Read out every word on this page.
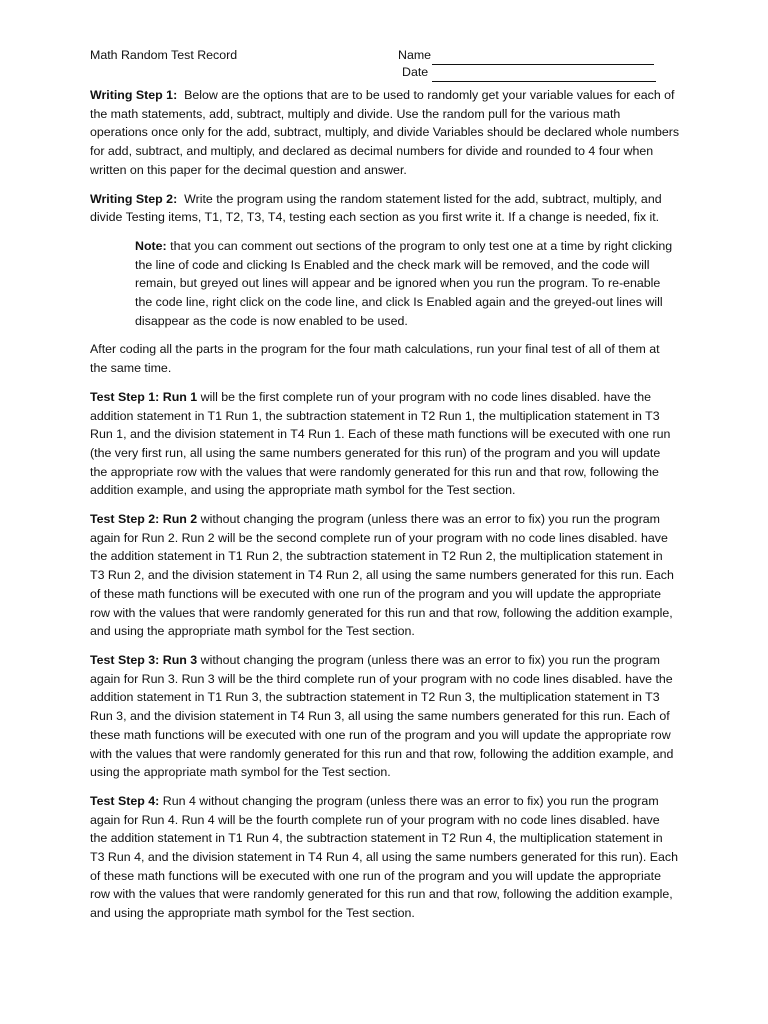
Math Random Test Record	Name
Date

Writing Step 1: Below are the options that are to be used to randomly get your variable values for each of the math statements, add, subtract, multiply and divide. Use the random pull for the various math operations once only for the add, subtract, multiply, and divide Variables should be declared whole numbers for add, subtract, and multiply, and declared as decimal numbers for divide and rounded to 4 four when written on this paper for the decimal question and answer.

Writing Step 2: Write the program using the random statement listed for the add, subtract, multiply, and divide Testing items, T1, T2, T3, T4, testing each section as you first write it. If a change is needed, fix it.

Note: that you can comment out sections of the program to only test one at a time by right clicking the line of code and clicking Is Enabled and the check mark will be removed, and the code will remain, but greyed out lines will appear and be ignored when you run the program. To re-enable the code line, right click on the code line, and click Is Enabled again and the greyed-out lines will disappear as the code is now enabled to be used.

After coding all the parts in the program for the four math calculations, run your final test of all of them at the same time.

Test Step 1: Run 1 will be the first complete run of your program with no code lines disabled. have the addition statement in T1 Run 1, the subtraction statement in T2 Run 1, the multiplication statement in T3 Run 1, and the division statement in T4 Run 1. Each of these math functions will be executed with one run (the very first run, all using the same numbers generated for this run) of the program and you will update the appropriate row with the values that were randomly generated for this run and that row, following the addition example, and using the appropriate math symbol for the Test section.

Test Step 2: Run 2 without changing the program (unless there was an error to fix) you run the program again for Run 2. Run 2 will be the second complete run of your program with no code lines disabled. have the addition statement in T1 Run 2, the subtraction statement in T2 Run 2, the multiplication statement in T3 Run 2, and the division statement in T4 Run 2, all using the same numbers generated for this run. Each of these math functions will be executed with one run of the program and you will update the appropriate row with the values that were randomly generated for this run and that row, following the addition example, and using the appropriate math symbol for the Test section.

Test Step 3: Run 3 without changing the program (unless there was an error to fix) you run the program again for Run 3. Run 3 will be the third complete run of your program with no code lines disabled. have the addition statement in T1 Run 3, the subtraction statement in T2 Run 3, the multiplication statement in T3 Run 3, and the division statement in T4 Run 3, all using the same numbers generated for this run. Each of these math functions will be executed with one run of the program and you will update the appropriate row with the values that were randomly generated for this run and that row, following the addition example, and using the appropriate math symbol for the Test section.

Test Step 4: Run 4 without changing the program (unless there was an error to fix) you run the program again for Run 4. Run 4 will be the fourth complete run of your program with no code lines disabled. have the addition statement in T1 Run 4, the subtraction statement in T2 Run 4, the multiplication statement in T3 Run 4, and the division statement in T4 Run 4, all using the same numbers generated for this run). Each of these math functions will be executed with one run of the program and you will update the appropriate row with the values that were randomly generated for this run and that row, following the addition example, and using the appropriate math symbol for the Test section.
